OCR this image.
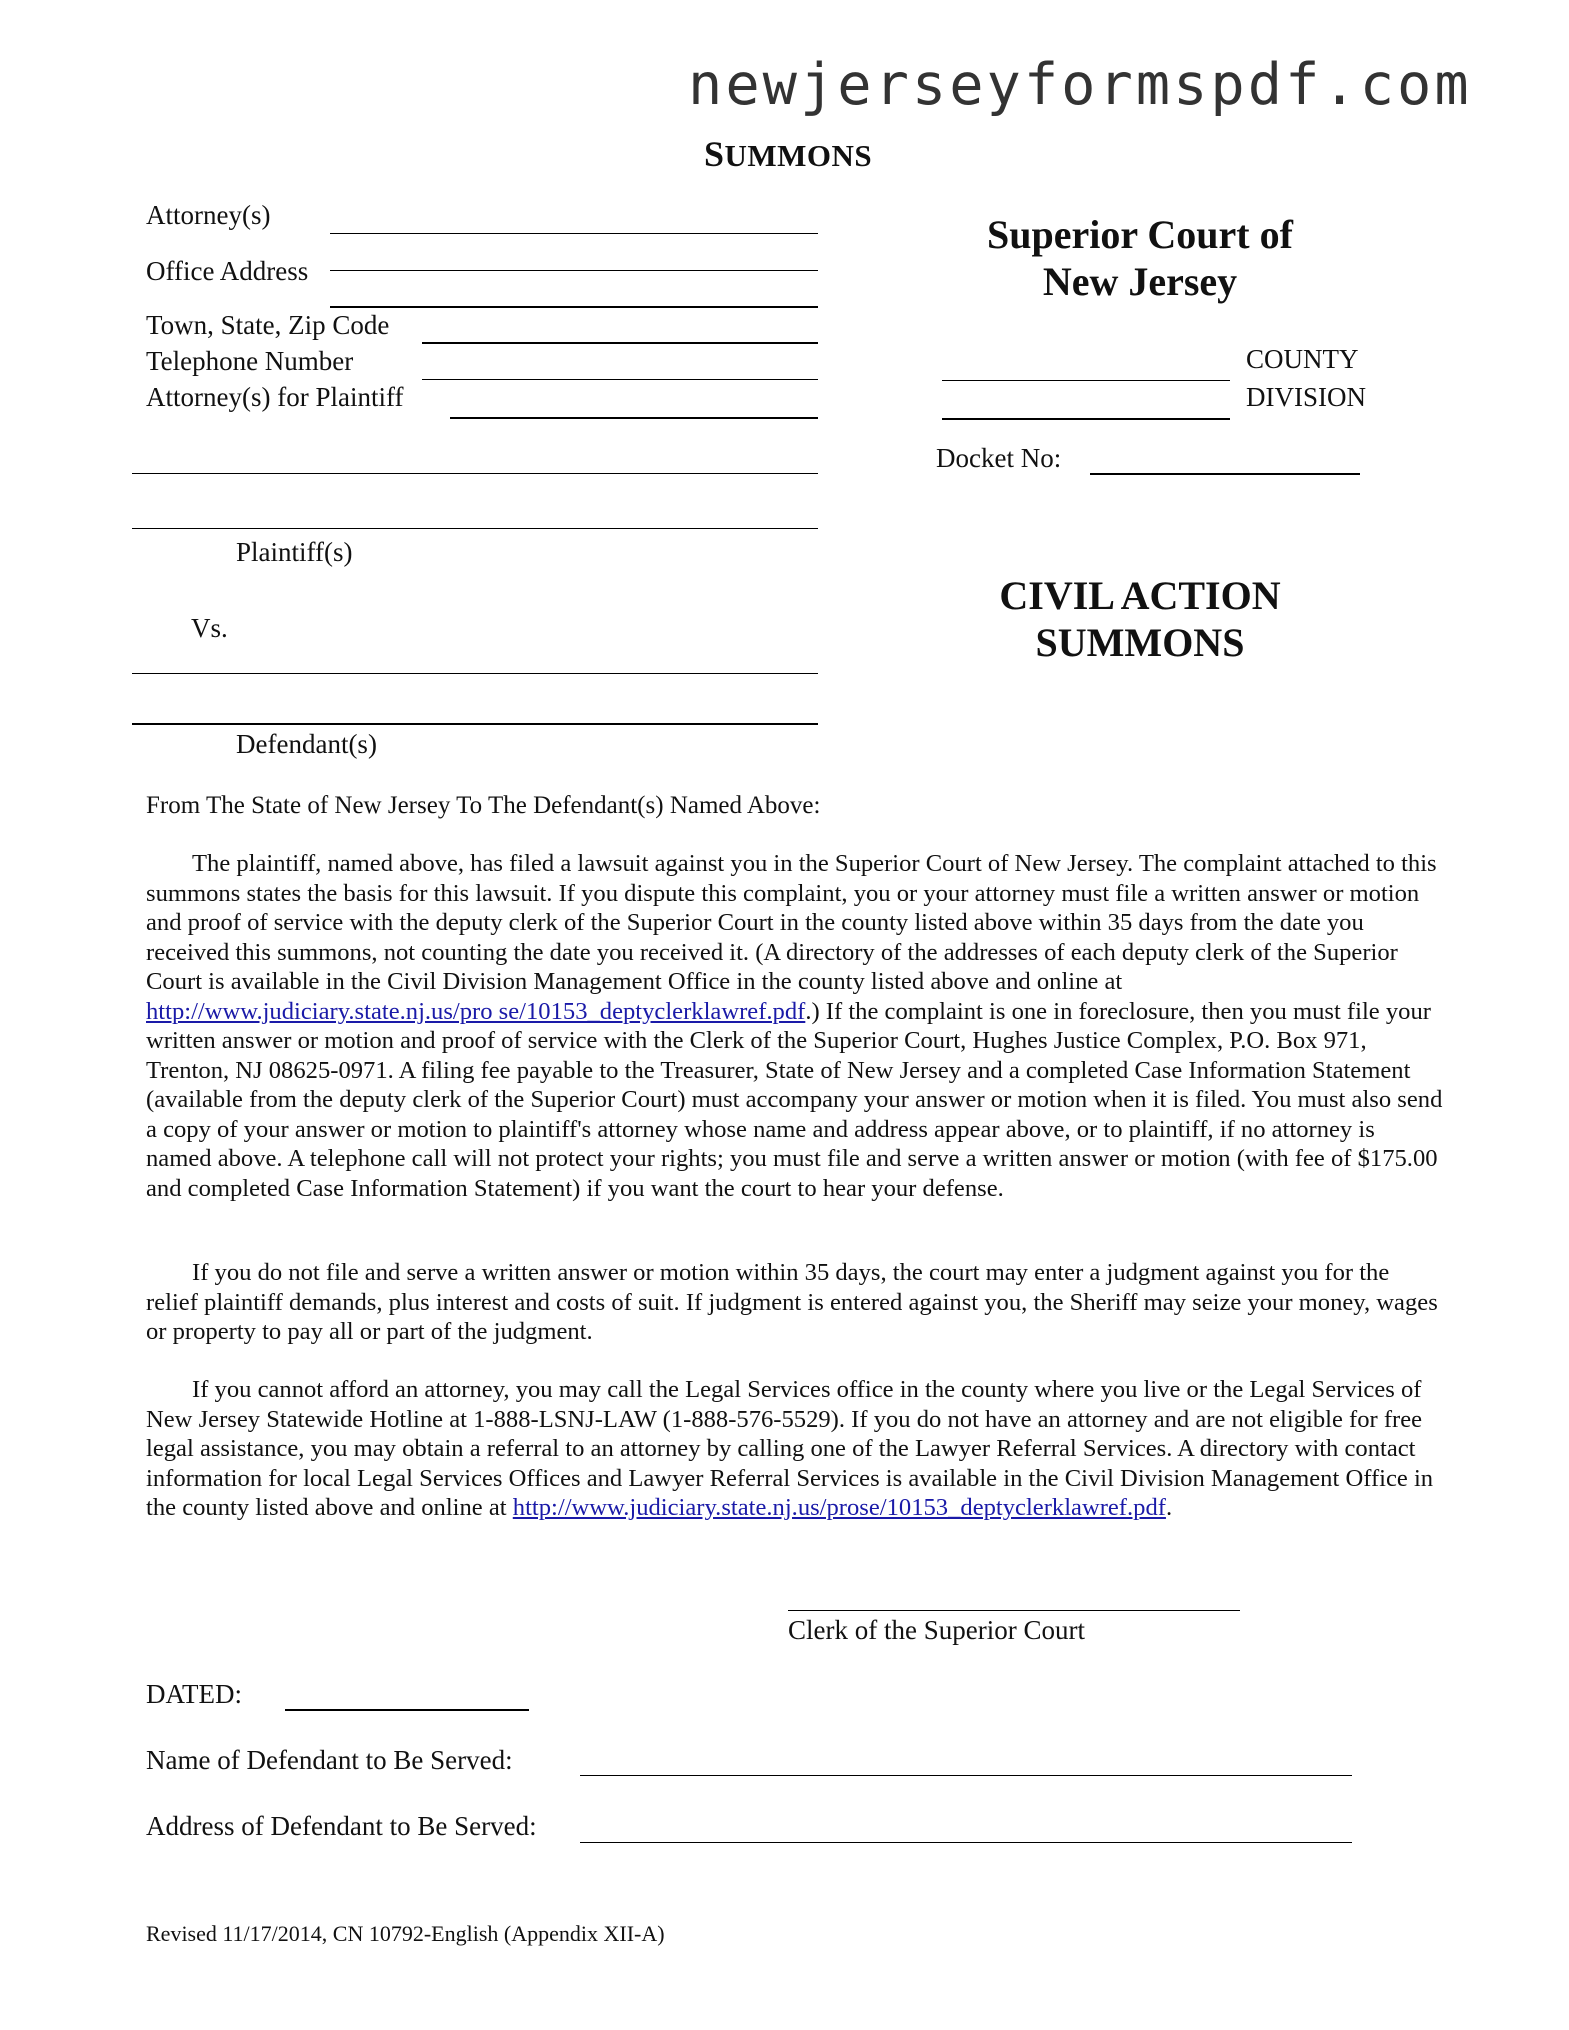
newjerseyformspdf.com
SUMMONS
Attorney(s)
Office Address
Town, State, Zip Code
Telephone Number
Attorney(s) for Plaintiff
Plaintiff(s)
Vs.
Defendant(s)
Superior Court of
New Jersey
COUNTY
DIVISION
Docket No:
CIVIL ACTION
SUMMONS
From The State of New Jersey To The Defendant(s) Named Above:

The plaintiff, named above, has filed a lawsuit against you in the Superior Court of New Jersey. The complaint attached to this summons states the basis for this lawsuit. If you dispute this complaint, you or your attorney must file a written answer or motion and proof of service with the deputy clerk of the Superior Court in the county listed above within 35 days from the date you received this summons, not counting the date you received it. (A directory of the addresses of each deputy clerk of the Superior Court is available in the Civil Division Management Office in the county listed above and online at http://www.judiciary.state.nj.us/pro se/10153_deptyclerklawref.pdf.) If the complaint is one in foreclosure, then you must file your written answer or motion and proof of service with the Clerk of the Superior Court, Hughes Justice Complex, P.O. Box 971, Trenton, NJ 08625-0971. A filing fee payable to the Treasurer, State of New Jersey and a completed Case Information Statement (available from the deputy clerk of the Superior Court) must accompany your answer or motion when it is filed. You must also send a copy of your answer or motion to plaintiff's attorney whose name and address appear above, or to plaintiff, if no attorney is named above. A telephone call will not protect your rights; you must file and serve a written answer or motion (with fee of $175.00 and completed Case Information Statement) if you want the court to hear your defense.

If you do not file and serve a written answer or motion within 35 days, the court may enter a judgment against you for the relief plaintiff demands, plus interest and costs of suit. If judgment is entered against you, the Sheriff may seize your money, wages or property to pay all or part of the judgment.

If you cannot afford an attorney, you may call the Legal Services office in the county where you live or the Legal Services of New Jersey Statewide Hotline at 1-888-LSNJ-LAW (1-888-576-5529). If you do not have an attorney and are not eligible for free legal assistance, you may obtain a referral to an attorney by calling one of the Lawyer Referral Services. A directory with contact information for local Legal Services Offices and Lawyer Referral Services is available in the Civil Division Management Office in the county listed above and online at http://www.judiciary.state.nj.us/prose/10153_deptyclerklawref.pdf.

Clerk of the Superior Court
DATED:
Name of Defendant to Be Served:
Address of Defendant to Be Served:
Revised 11/17/2014, CN 10792-English (Appendix XII-A)
